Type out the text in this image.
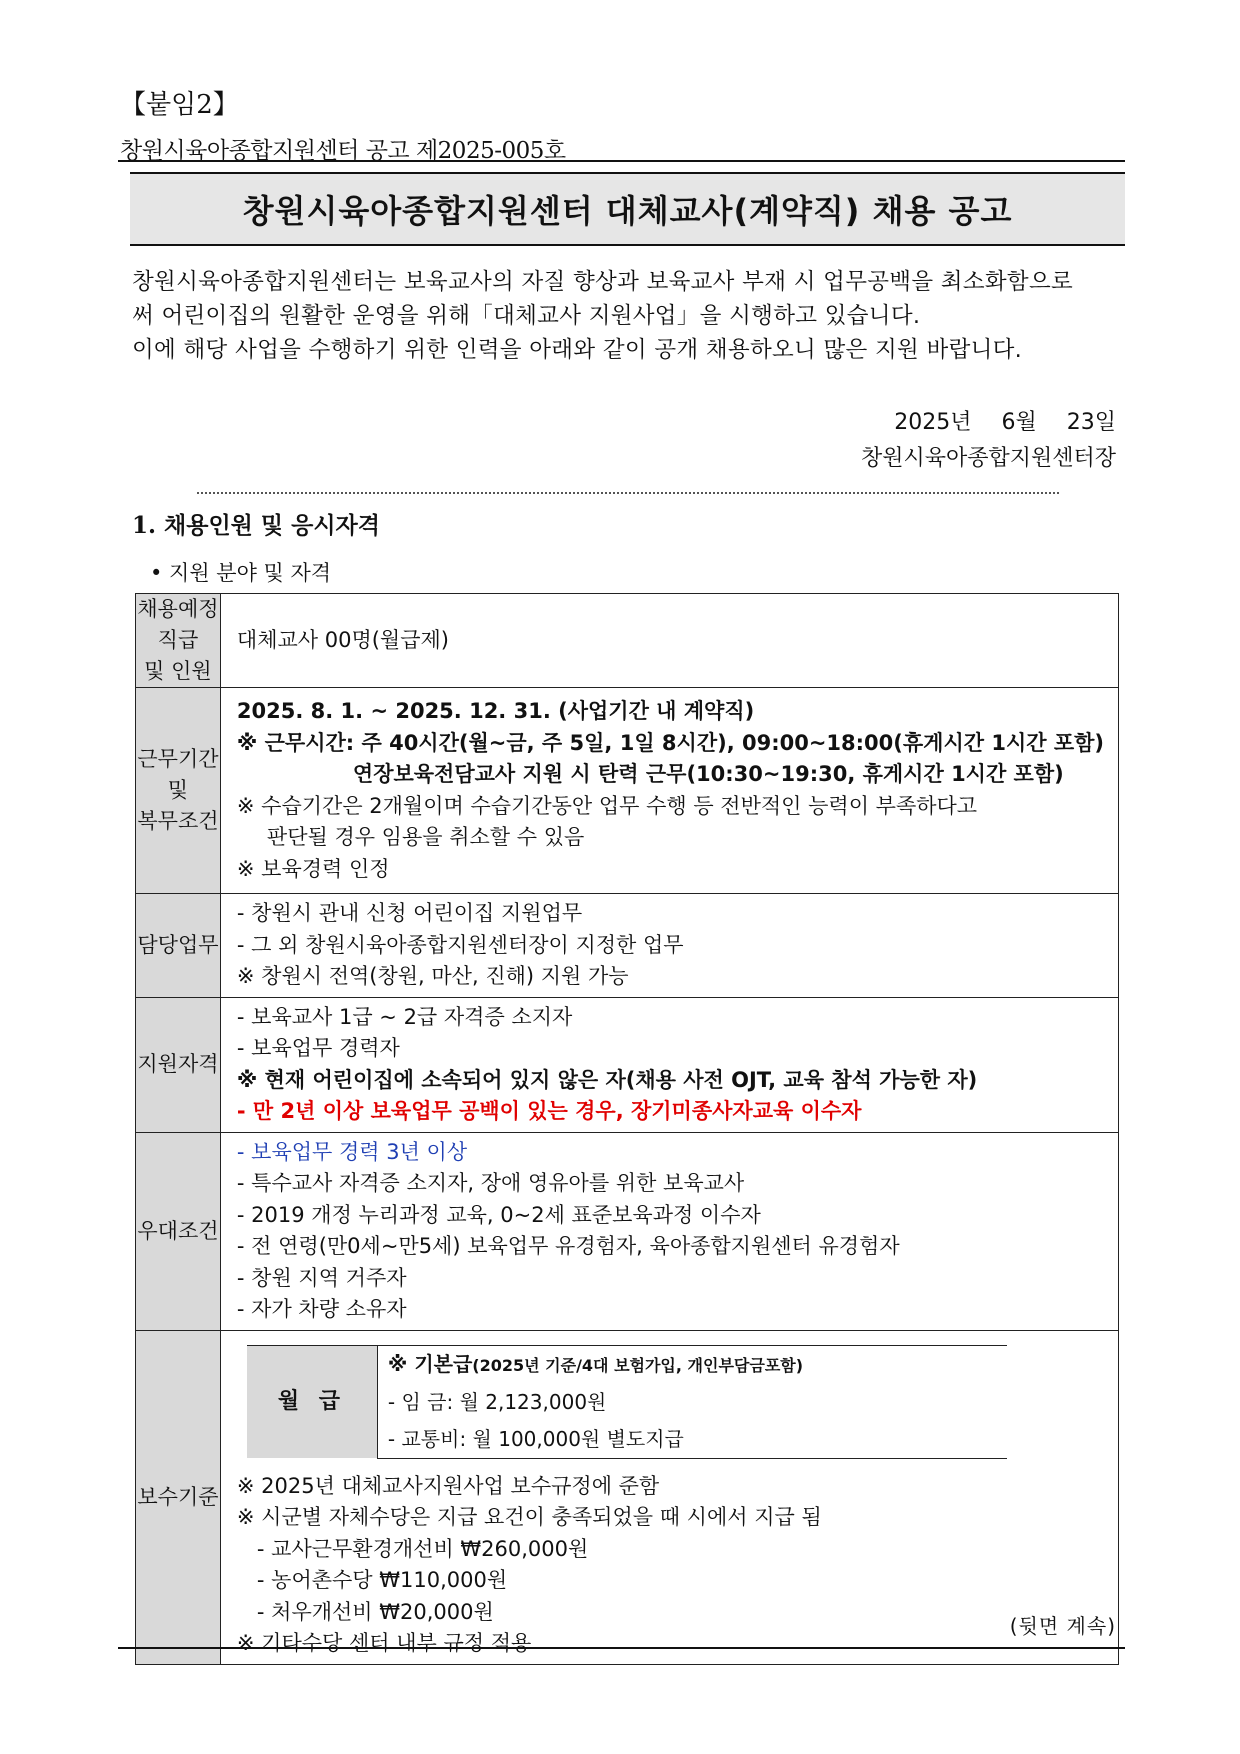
【붙임2】
창원시육아종합지원센터 공고 제2025-005호
창원시육아종합지원센터 대체교사(계약직) 채용 공고

창원시육아종합지원센터는 보육교사의 자질 향상과 보육교사 부재 시 업무공백을 최소화함으로

써 어린이집의 원활한 운영을 위해「대체교사 지원사업」을 시행하고 있습니다.

이에 해당 사업을 수행하기 위한 인력을 아래와 같이 공개 채용하오니 많은 지원 바랍니다.

2025년 6월 23일
창원시육아종합지원센터장
1. 채용인원 및 응시자격
• 지원 분야 및 자격
채용예정 직급
및 인원

대체교사 00명(월급제)

근무기간 및
복무조건

2025. 8. 1. ~ 2025. 12. 31. (사업기간 내 계약직)
※ 근무시간: 주 40시간(월~금, 주 5일, 1일 8시간), 09:00~18:00(휴게시간 1시간 포함)
연장보육전담교사 지원 시 탄력 근무(10:30~19:30, 휴게시간 1시간 포함)
※ 수습기간은 2개월이며 수습기간동안 업무 수행 등 전반적인 능력이 부족하다고
판단될 경우 임용을 취소할 수 있음
※ 보육경력 인정

담당업무

- 창원시 관내 신청 어린이집 지원업무
- 그 외 창원시육아종합지원센터장이 지정한 업무
※ 창원시 전역(창원, 마산, 진해) 지원 가능

지원자격

- 보육교사 1급 ~ 2급 자격증 소지자
- 보육업무 경력자
※ 현재 어린이집에 소속되어 있지 않은 자(채용 사전 OJT, 교육 참석 가능한 자)
- 만 2년 이상 보육업무 공백이 있는 경우, 장기미종사자교육 이수자

우대조건

- 보육업무 경력 3년 이상
- 특수교사 자격증 소지자, 장애 영유아를 위한 보육교사
- 2019 개정 누리과정 교육, 0~2세 표준보육과정 이수자
- 전 연령(만0세~만5세) 보육업무 유경험자, 육아종합지원센터 유경험자
- 창원 지역 거주자
- 자가 차량 소유자

보수기준

월 급	※ 기본급(2025년 기준/4대 보험가입, 개인부담금포함)
- 임 금: 월 2,123,000원
- 교통비: 월 100,000원 별도지급
※ 2025년 대체교사지원사업 보수규정에 준함
※ 시군별 자체수당은 지급 요건이 충족되었을 때 시에서 지급 됨
- 교사근무환경개선비 ₩260,000원
- 농어촌수당 ₩110,000원
- 처우개선비 ₩20,000원
※ 기타수당 센터 내부 규정 적용
(뒷면 계속)
